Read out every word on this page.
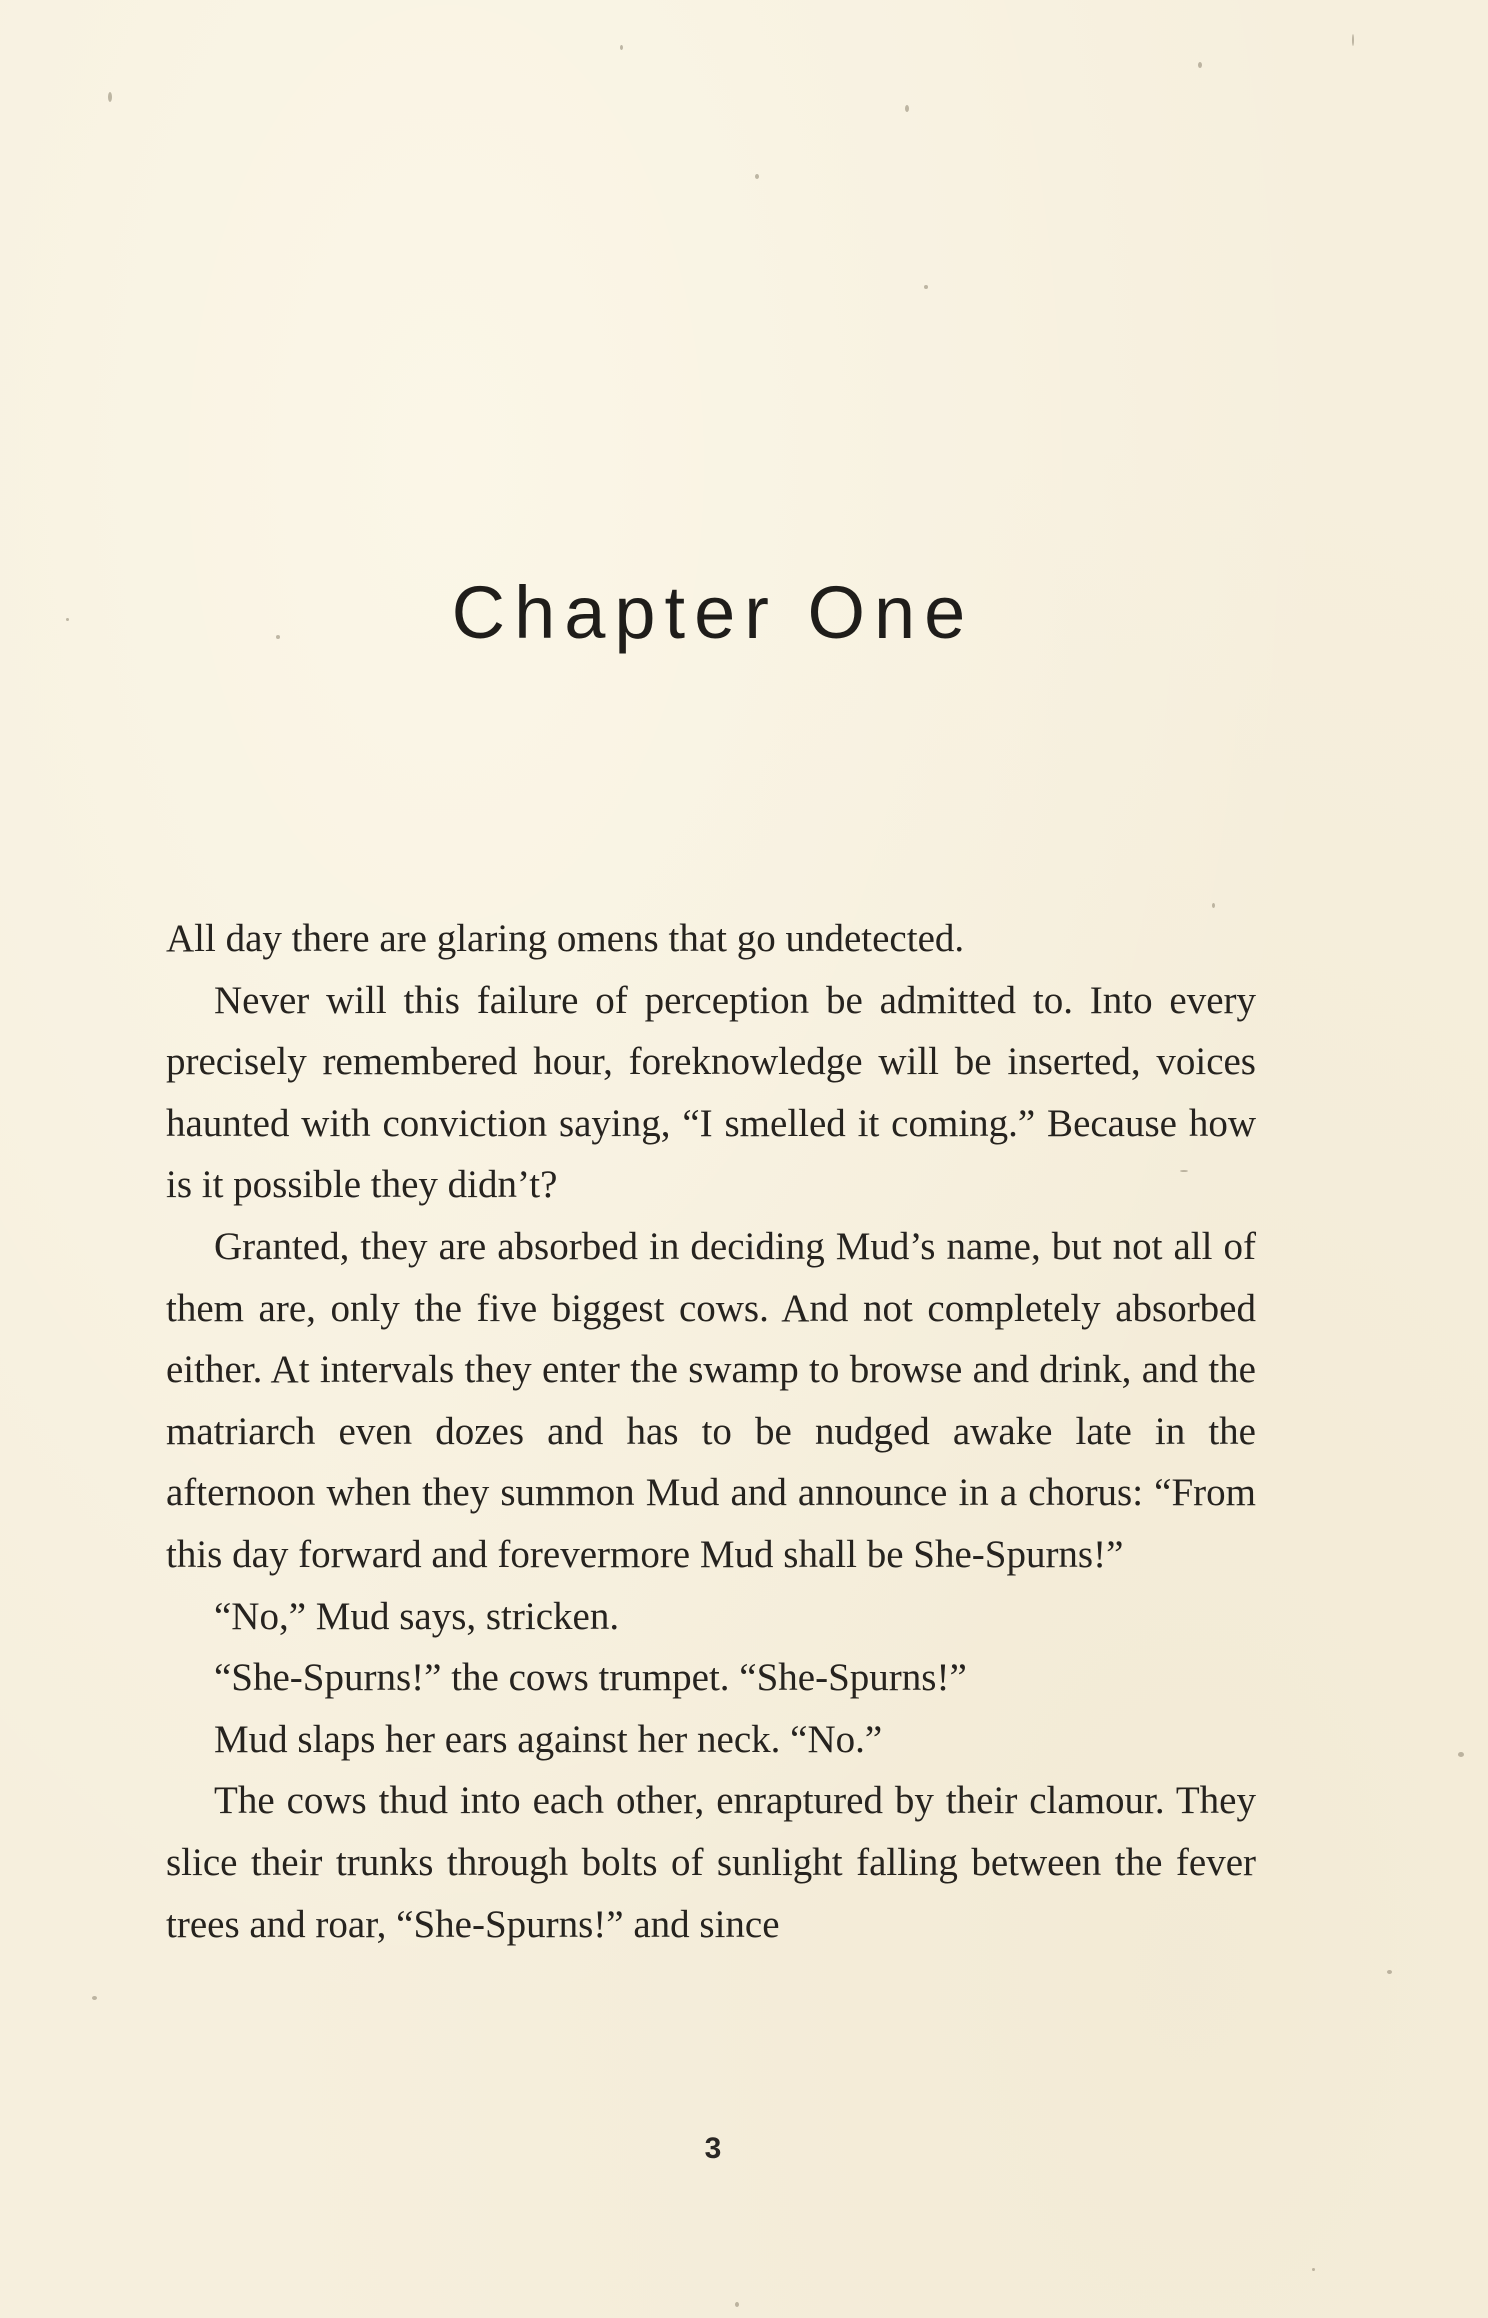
Chapter One

All day there are glaring omens that go undetected.

Never will this failure of perception be admitted to. Into every precisely remembered hour, foreknowledge will be inserted, voices haunted with conviction saying, “I smelled it coming.” Because how is it possible they didn’t?

Granted, they are absorbed in deciding Mud’s name, but not all of them are, only the five biggest cows. And not completely absorbed either. At intervals they enter the swamp to browse and drink, and the matriarch even dozes and has to be nudged awake late in the afternoon when they summon Mud and announce in a chorus: “From this day forward and forevermore Mud shall be She-Spurns!”

“No,” Mud says, stricken.

“She-Spurns!” the cows trumpet. “She-Spurns!”

Mud slaps her ears against her neck. “No.”

The cows thud into each other, enraptured by their clamour. They slice their trunks through bolts of sunlight falling between the fever trees and roar, “She-Spurns!” and since

3
